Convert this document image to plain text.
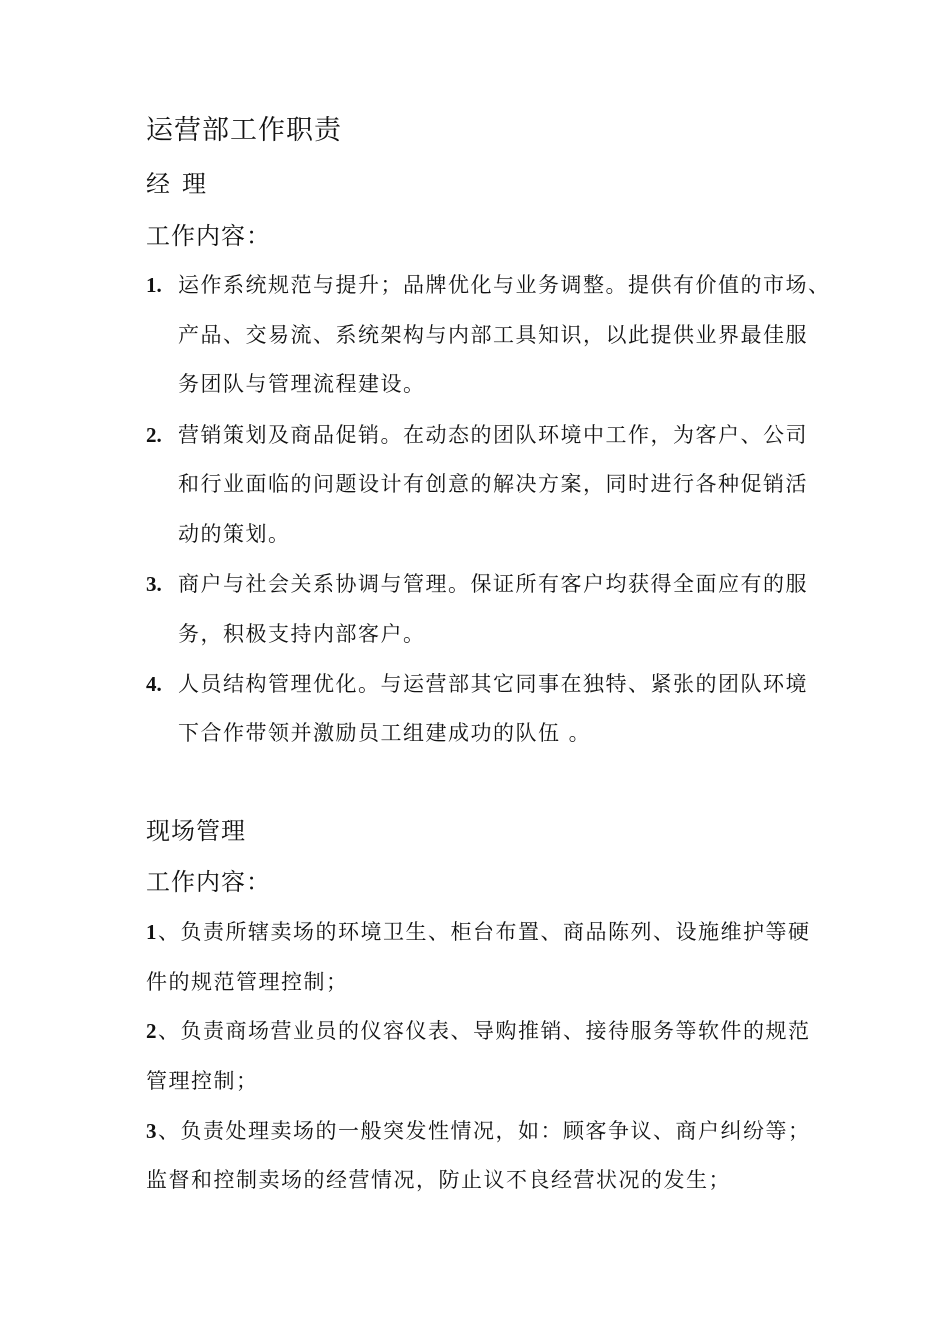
运营部工作职责
经理
工作内容：
1. 运作系统规范与提升；品牌优化与业务调整。提供有价值的市场、
产品、交易流、系统架构与内部工具知识，以此提供业界最佳服
务团队与管理流程建设。
2. 营销策划及商品促销。在动态的团队环境中工作，为客户、公司
和行业面临的问题设计有创意的解决方案，同时进行各种促销活
动的策划。
3. 商户与社会关系协调与管理。保证所有客户均获得全面应有的服
务，积极支持内部客户。
4. 人员结构管理优化。与运营部其它同事在独特、紧张的团队环境
下合作带领并激励员工组建成功的队伍 。
现场管理
工作内容：
1、负责所辖卖场的环境卫生、柜台布置、商品陈列、设施维护等硬
件的规范管理控制；
2、负责商场营业员的仪容仪表、导购推销、接待服务等软件的规范
管理控制；
3、负责处理卖场的一般突发性情况，如：顾客争议、商户纠纷等；
监督和控制卖场的经营情况，防止议不良经营状况的发生；
